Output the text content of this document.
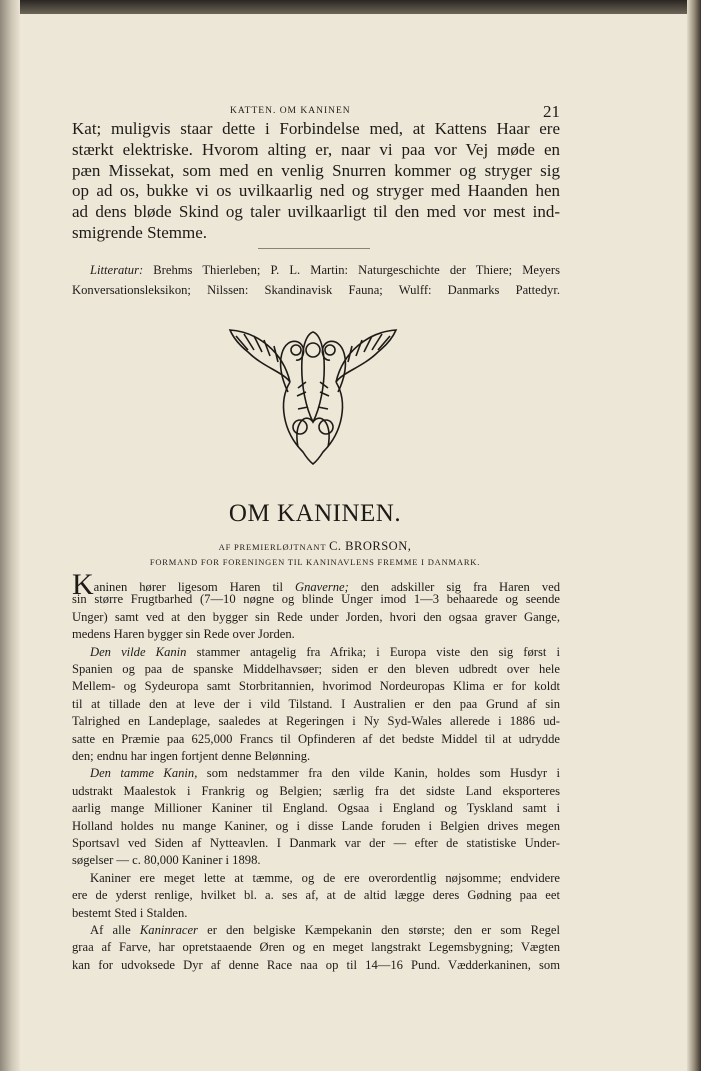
KATTEN. OM KANINEN	21
Kat; muligvis staar dette i Forbindelse med, at Kattens Haar ere
stærkt elektriske. Hvorom alting er, naar vi paa vor Vej møde en
pæn Missekat, som med en venlig Snurren kommer og stryger sig
op ad os, bukke vi os uvilkaarlig ned og stryger med Haanden hen
ad dens bløde Skind og taler uvilkaarligt til den med vor mest ind-
smigrende Stemme.
Litteratur: Brehms Thierleben; P. L. Martin: Naturgeschichte der Thiere; Meyers
Konversationsleksikon; Nilssen: Skandinavisk Fauna; Wulff: Danmarks Pattedyr.
OM KANINEN.
AF PREMIERLØJTNANT C. BRORSON,
FORMAND FOR FORENINGEN TIL KANINAVLENS FREMME I DANMARK.
Kaninen hører ligesom Haren til Gnaverne; den adskiller sig fra Haren ved
sin større Frugtbarhed (7—10 nøgne og blinde Unger imod 1—3 behaarede og seende
Unger) samt ved at den bygger sin Rede under Jorden, hvori den ogsaa graver Gange,
medens Haren bygger sin Rede over Jorden.
Den vilde Kanin stammer antagelig fra Afrika; i Europa viste den sig først i
Spanien og paa de spanske Middelhavsøer; siden er den bleven udbredt over hele
Mellem- og Sydeuropa samt Storbritannien, hvorimod Nordeuropas Klima er for koldt
til at tillade den at leve der i vild Tilstand. I Australien er den paa Grund af sin
Talrighed en Landeplage, saaledes at Regeringen i Ny Syd-Wales allerede i 1886 ud-
satte en Præmie paa 625,000 Francs til Opfinderen af det bedste Middel til at udrydde
den; endnu har ingen fortjent denne Belønning.
Den tamme Kanin, som nedstammer fra den vilde Kanin, holdes som Husdyr i
udstrakt Maalestok i Frankrig og Belgien; særlig fra det sidste Land eksporteres
aarlig mange Millioner Kaniner til England. Ogsaa i England og Tyskland samt i
Holland holdes nu mange Kaniner, og i disse Lande foruden i Belgien drives megen
Sportsavl ved Siden af Nytteavlen. I Danmark var der — efter de statistiske Under-
søgelser — c. 80,000 Kaniner i 1898.
Kaniner ere meget lette at tæmme, og de ere overordentlig nøjsomme; endvidere
ere de yderst renlige, hvilket bl. a. ses af, at de altid lægge deres Gødning paa eet
bestemt Sted i Stalden.
Af alle Kaninracer er den belgiske Kæmpekanin den største; den er som Regel
graa af Farve, har opretstaaende Øren og en meget langstrakt Legemsbygning; Vægten
kan for udvoksede Dyr af denne Race naa op til 14—16 Pund. Vædderkaninen, som
